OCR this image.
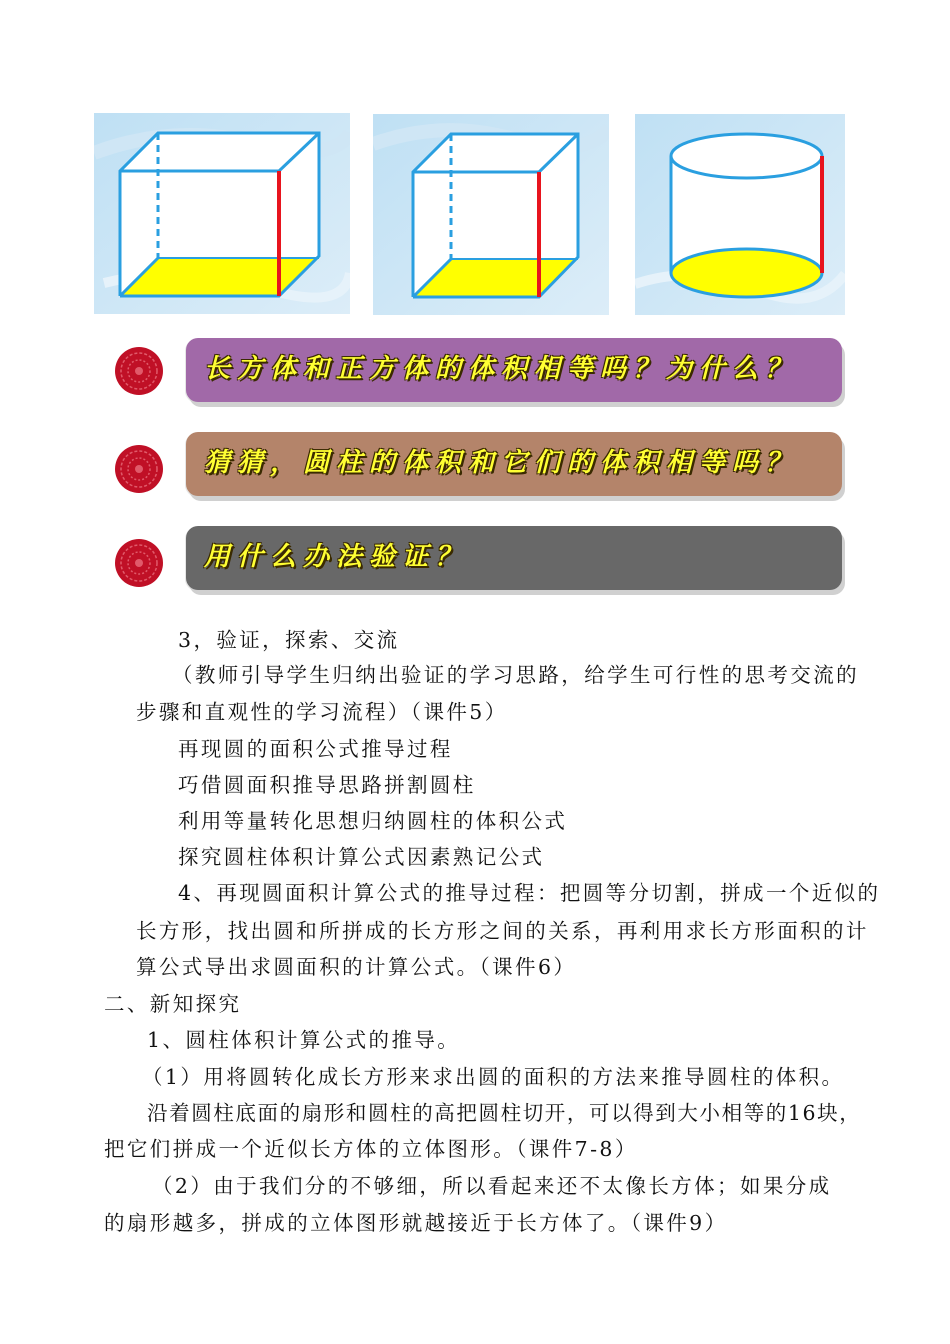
长方体和正方体的体积相等吗？为什么？
猜猜，圆柱的体积和它们的体积相等吗？
用什么办法验证？
3，验证，探索、交流
（教师引导学生归纳出验证的学习思路，给学生可行性的思考交流的
步骤和直观性的学习流程）（课件5）
再现圆的面积公式推导过程
巧借圆面积推导思路拼割圆柱
利用等量转化思想归纳圆柱的体积公式
探究圆柱体积计算公式因素熟记公式
4、再现圆面积计算公式的推导过程：把圆等分切割，拼成一个近似的
长方形，找出圆和所拼成的长方形之间的关系，再利用求长方形面积的计
算公式导出求圆面积的计算公式。（课件6）
二、新知探究
1、圆柱体积计算公式的推导。
（1）用将圆转化成长方形来求出圆的面积的方法来推导圆柱的体积。
沿着圆柱底面的扇形和圆柱的高把圆柱切开，可以得到大小相等的16块，
把它们拼成一个近似长方体的立体图形。（课件7-8）
（2）由于我们分的不够细，所以看起来还不太像长方体；如果分成
的扇形越多，拼成的立体图形就越接近于长方体了。（课件9）
